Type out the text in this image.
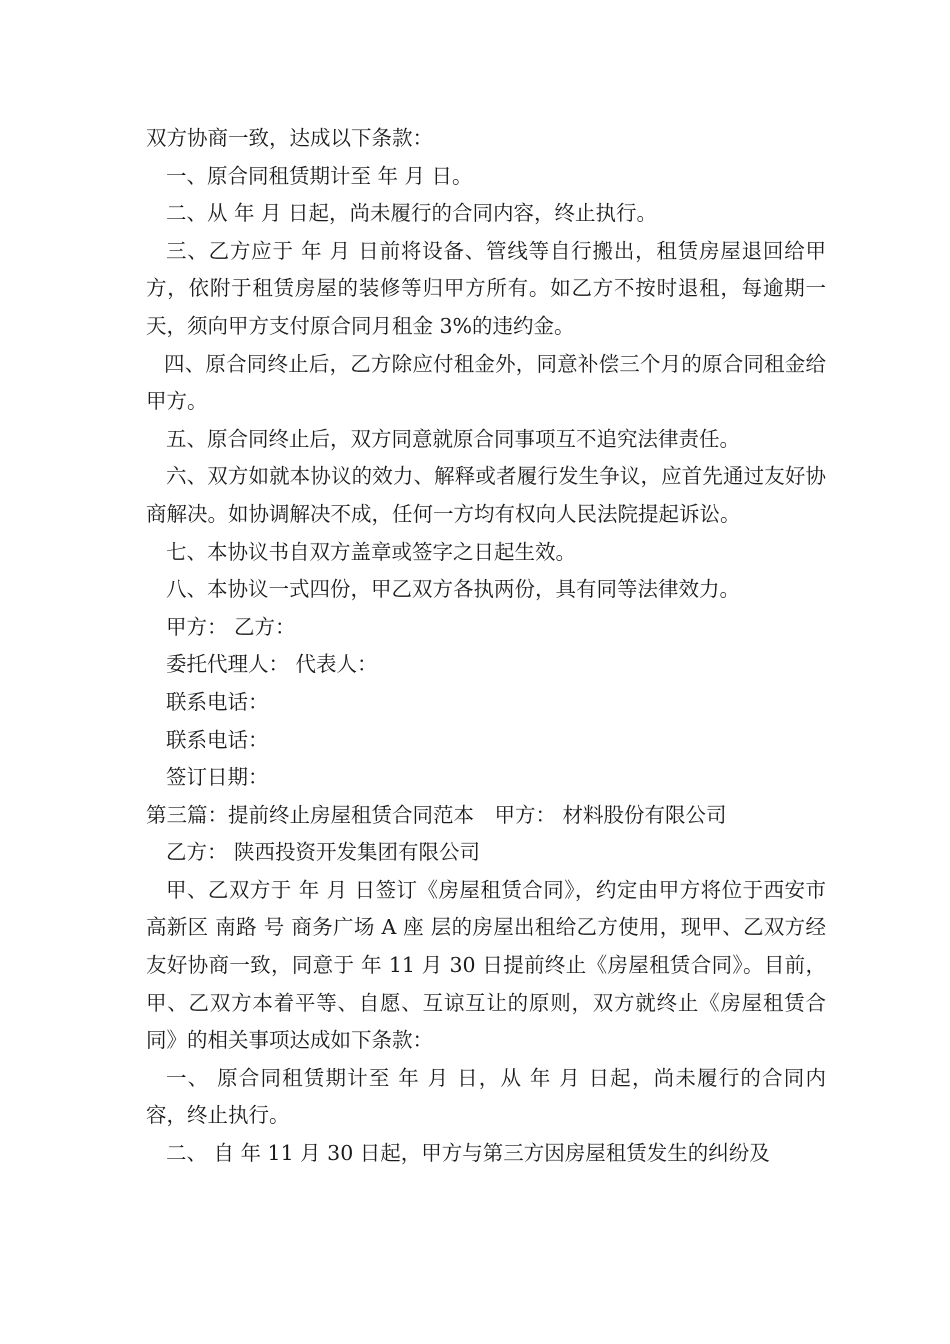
双方协商一致，达成以下条款：

一、原合同租赁期计至 年 月 日。

二、从 年 月 日起，尚未履行的合同内容，终止执行。

三、乙方应于 年 月 日前将设备、管线等自行搬出，租赁房屋退回给甲方，依附于租赁房屋的装修等归甲方所有。如乙方不按时退租，每逾期一天，须向甲方支付原合同月租金 3%的违约金。

四、原合同终止后，乙方除应付租金外，同意补偿三个月的原合同租金给甲方。

五、原合同终止后，双方同意就原合同事项互不追究法律责任。

六、双方如就本协议的效力、解释或者履行发生争议，应首先通过友好协商解决。如协调解决不成，任何一方均有权向人民法院提起诉讼。

七、本协议书自双方盖章或签字之日起生效。

八、本协议一式四份，甲乙双方各执两份，具有同等法律效力。

甲方： 乙方：

委托代理人： 代表人：

联系电话：

联系电话：

签订日期：

第三篇：提前终止房屋租赁合同范本　甲方： 材料股份有限公司

乙方： 陕西投资开发集团有限公司

甲、乙双方于 年 月 日签订《房屋租赁合同》，约定由甲方将位于西安市高新区 南路 号 商务广场 A 座 层的房屋出租给乙方使用，现甲、乙双方经友好协商一致，同意于 年 11 月 30 日提前终止《房屋租赁合同》。目前，甲、乙双方本着平等、自愿、互谅互让的原则，双方就终止《房屋租赁合同》的相关事项达成如下条款：

一、 原合同租赁期计至 年 月 日，从 年 月 日起，尚未履行的合同内容，终止执行。

二、 自 年 11 月 30 日起，甲方与第三方因房屋租赁发生的纠纷及
